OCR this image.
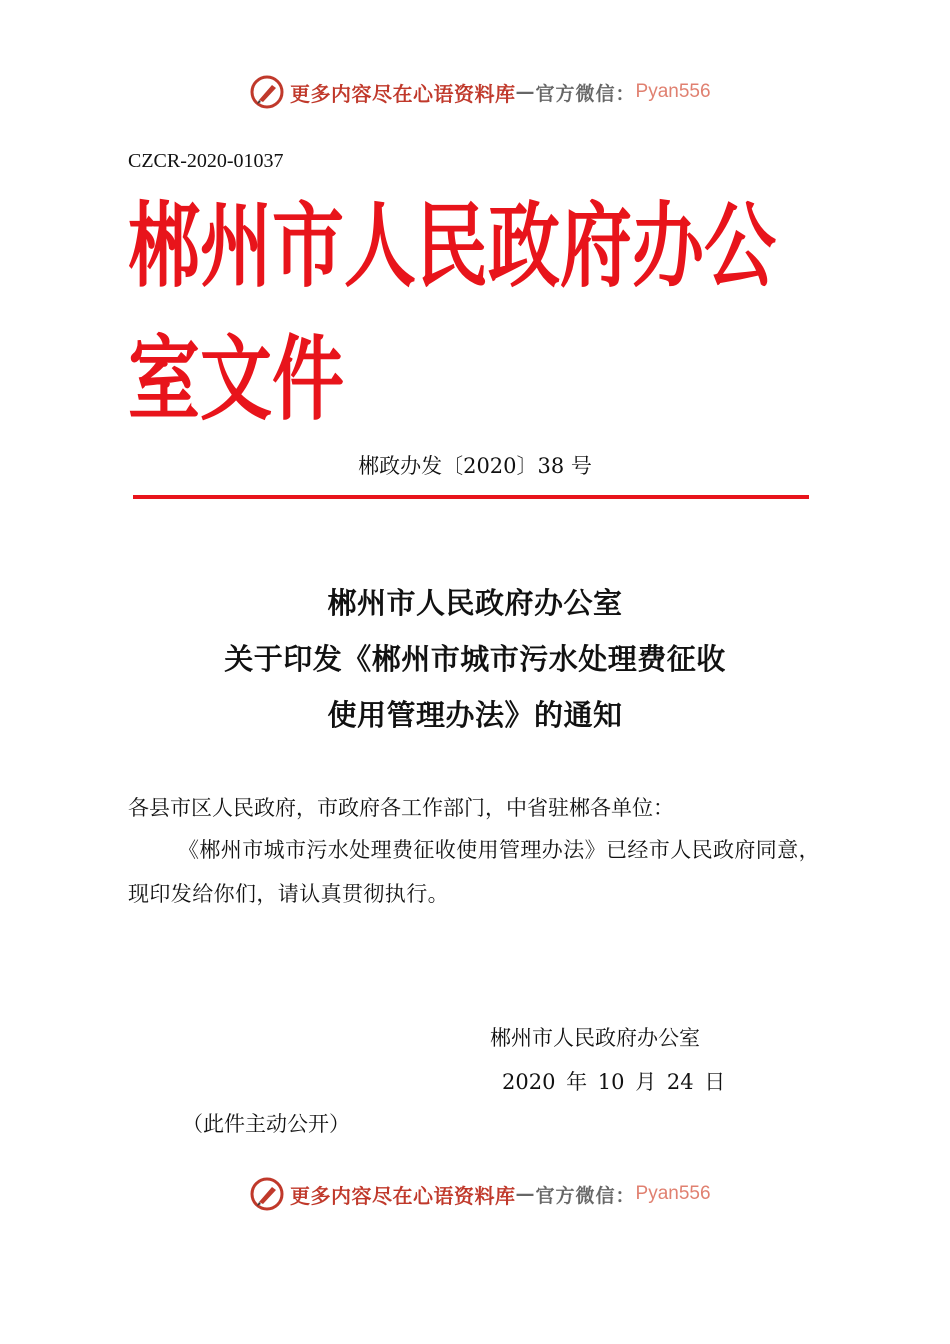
更多内容尽在心语资料库 — 官方微信： Pyan556
CZCR-2020-01037
郴州市人民政府办公室文件
郴政办发〔2020〕38 号
郴州市人民政府办公室
关于印发《郴州市城市污水处理费征收
使用管理办法》的通知
各县市区人民政府，市政府各工作部门，中省驻郴各单位：
《郴州市城市污水处理费征收使用管理办法》已经市人民政府同意，现印发给你们，请认真贯彻执行。
郴州市人民政府办公室
2020 年 10 月 24 日
（此件主动公开）
更多内容尽在心语资料库 — 官方微信： Pyan556
